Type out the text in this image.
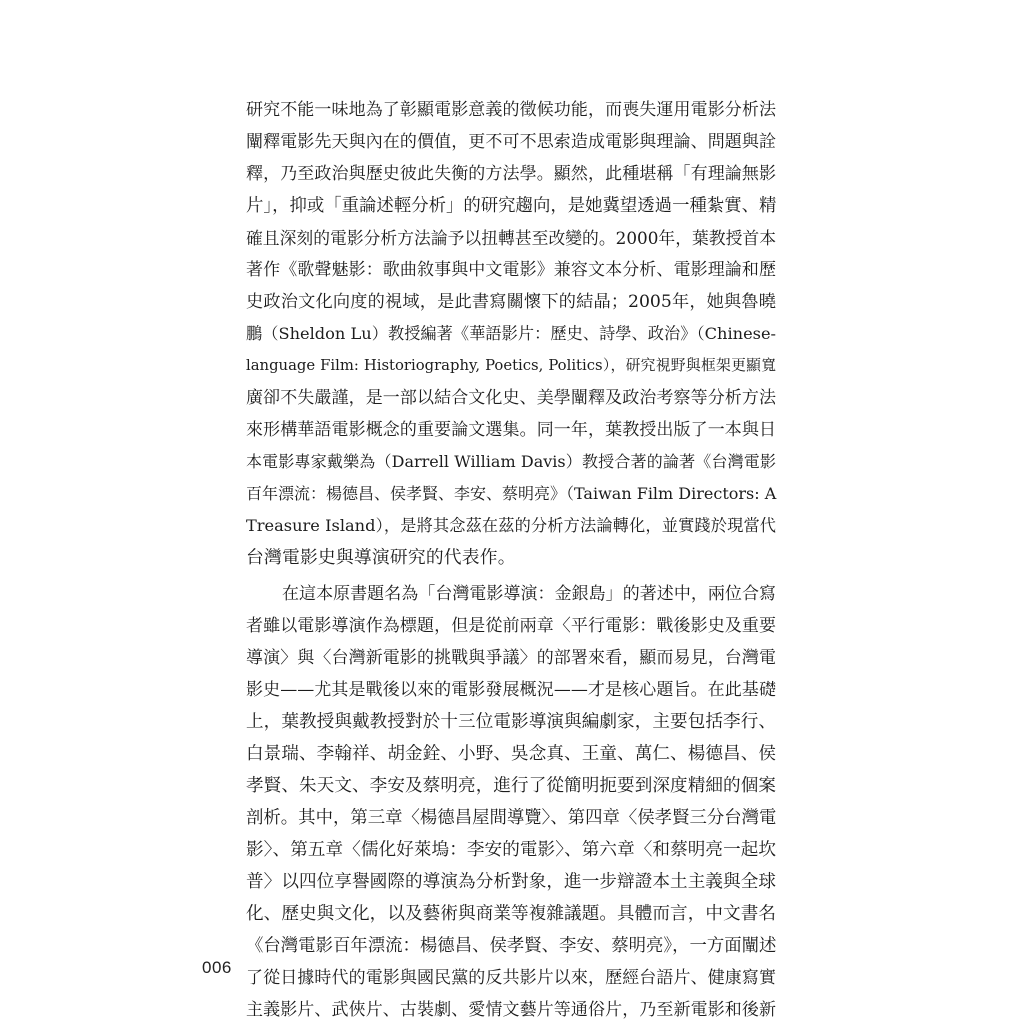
研究不能一味地為了彰顯電影意義的徵候功能，而喪失運用電影分析法
闡釋電影先天與內在的價值，更不可不思索造成電影與理論、問題與詮
釋，乃至政治與歷史彼此失衡的方法學。顯然，此種堪稱「有理論無影
片」，抑或「重論述輕分析」的研究趨向，是她冀望透過一種紮實、精
確且深刻的電影分析方法論予以扭轉甚至改變的。2000年，葉教授首本
著作《歌聲魅影：歌曲敘事與中文電影》兼容文本分析、電影理論和歷
史政治文化向度的視域，是此書寫關懷下的結晶；2005年，她與魯曉
鵬（Sheldon Lu）教授編著《華語影片：歷史、詩學、政治》（Chinese-
language Film: Historiography, Poetics, Politics），研究視野與框架更顯寬
廣卻不失嚴謹，是一部以結合文化史、美學闡釋及政治考察等分析方法
來形構華語電影概念的重要論文選集。同一年，葉教授出版了一本與日
本電影專家戴樂為（Darrell William Davis）教授合著的論著《台灣電影
百年漂流：楊德昌、侯孝賢、李安、蔡明亮》（Taiwan Film Directors: A
Treasure Island），是將其念茲在茲的分析方法論轉化，並實踐於現當代
台灣電影史與導演研究的代表作。
在這本原書題名為「台灣電影導演：金銀島」的著述中，兩位合寫
者雖以電影導演作為標題，但是從前兩章〈平行電影：戰後影史及重要
導演〉與〈台灣新電影的挑戰與爭議〉的部署來看，顯而易見，台灣電
影史——尤其是戰後以來的電影發展概況——才是核心題旨。在此基礎
上，葉教授與戴教授對於十三位電影導演與編劇家，主要包括李行、
白景瑞、李翰祥、胡金銓、小野、吳念真、王童、萬仁、楊德昌、侯
孝賢、朱天文、李安及蔡明亮，進行了從簡明扼要到深度精細的個案
剖析。其中，第三章〈楊德昌屋間導覽〉、第四章〈侯孝賢三分台灣電
影〉、第五章〈儒化好萊塢：李安的電影〉、第六章〈和蔡明亮一起坎
普〉以四位享譽國際的導演為分析對象，進一步辯證本土主義與全球
化、歷史與文化，以及藝術與商業等複雜議題。具體而言，中文書名
《台灣電影百年漂流：楊德昌、侯孝賢、李安、蔡明亮》，一方面闡述
了從日據時代的電影與國民黨的反共影片以來，歷經台語片、健康寫實
主義影片、武俠片、古裝劇、愛情文藝片等通俗片，乃至新電影和後新
006
